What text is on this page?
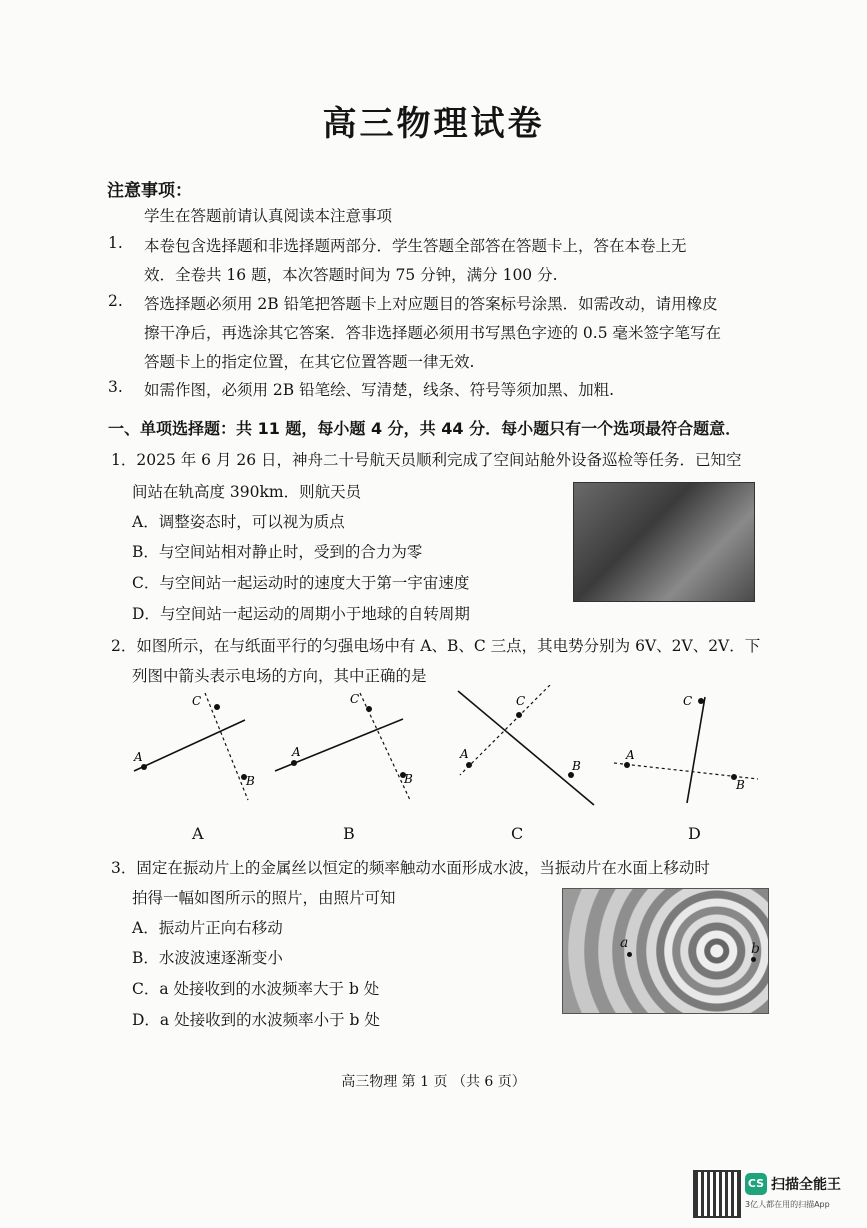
高三物理试卷
注意事项：
学生在答题前请认真阅读本注意事项
1. 本卷包含选择题和非选择题两部分．学生答题全部答在答题卡上，答在本卷上无
效．全卷共 16 题，本次答题时间为 75 分钟，满分 100 分.
2. 答选择题必须用 2B 铅笔把答题卡上对应题目的答案标号涂黑．如需改动，请用橡皮
擦干净后，再选涂其它答案．答非选择题必须用书写黑色字迹的 0.5 毫米签字笔写在
答题卡上的指定位置，在其它位置答题一律无效.
3. 如需作图，必须用 2B 铅笔绘、写清楚，线条、符号等须加黑、加粗.
一、单项选择题：共 11 题，每小题 4 分，共 44 分．每小题只有一个选项最符合题意．
1．2025 年 6 月 26 日，神舟二十号航天员顺利完成了空间站舱外设备巡检等任务．已知空
间站在轨高度 390km．则航天员
A．调整姿态时，可以视为质点
B．与空间站相对静止时，受到的合力为零
C．与空间站一起运动时的速度大于第一宇宙速度
D．与空间站一起运动的周期小于地球的自转周期
2．如图所示，在与纸面平行的匀强电场中有 A、B、C 三点，其电势分别为 6V、2V、2V．下
列图中箭头表示电场的方向，其中正确的是
A
C
B
A
C
B
A
C
B
A
C
B
A	B	C	D
3．固定在振动片上的金属丝以恒定的频率触动水面形成水波，当振动片在水面上移动时
拍得一幅如图所示的照片，由照片可知
A．振动片正向右移动
B．水波波速逐渐变小
C．a 处接收到的水波频率大于 b 处
D．a 处接收到的水波频率小于 b 处
a	b
高三物理 第 1 页 （共 6 页）
CS 扫描全能王
3亿人都在用的扫描App
